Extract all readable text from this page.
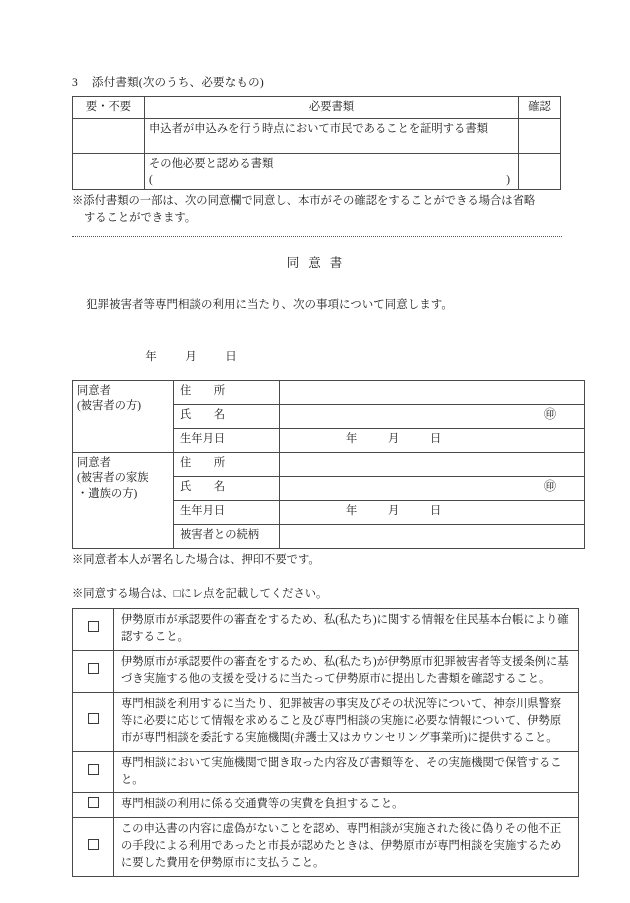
3 添付書類(次のうち、必要なもの)
要・不要	必要書類	確認
	申込者が申込みを行う時点において市民であることを証明する書類	
	その他必要と認める書類
( )	

※添付書類の一部は、次の同意欄で同意し、本市がその確認をすることができる場合は省略
することができます。
同意書
犯罪被害者等専門相談の利用に当たり、次の事項について同意します。

年 月 日

同意者
(被害者の方)	住　　所	
	氏　　名	㊞

	生年月日	年 月 日

同意者
(被害者の家族
・遺族の方)	住　　所	
	氏　　名	㊞

	生年月日	年 月 日
	被害者との続柄	
※同意者本人が署名した場合は、押印不要です。
※同意する場合は、□にレ点を記載してください。
	伊勢原市が承認要件の審査をするため、私(私たち)に関する情報を住民基本台帳により確認すること。
	伊勢原市が承認要件の審査をするため、私(私たち)が伊勢原市犯罪被害者等支援条例に基づき実施する他の支援を受けるに当たって伊勢原市に提出した書類を確認すること。
	専門相談を利用するに当たり、犯罪被害の事実及びその状況等について、神奈川県警察等に必要に応じて情報を求めること及び専門相談の実施に必要な情報について、伊勢原市が専門相談を委託する実施機関(弁護士又はカウンセリング事業所)に提供すること。
	専門相談において実施機関で聞き取った内容及び書類等を、その実施機関で保管すること。
	専門相談の利用に係る交通費等の実費を負担すること。
	この申込書の内容に虚偽がないことを認め、専門相談が実施された後に偽りその他不正の手段による利用であったと市長が認めたときは、伊勢原市が専門相談を実施するために要した費用を伊勢原市に支払うこと。
